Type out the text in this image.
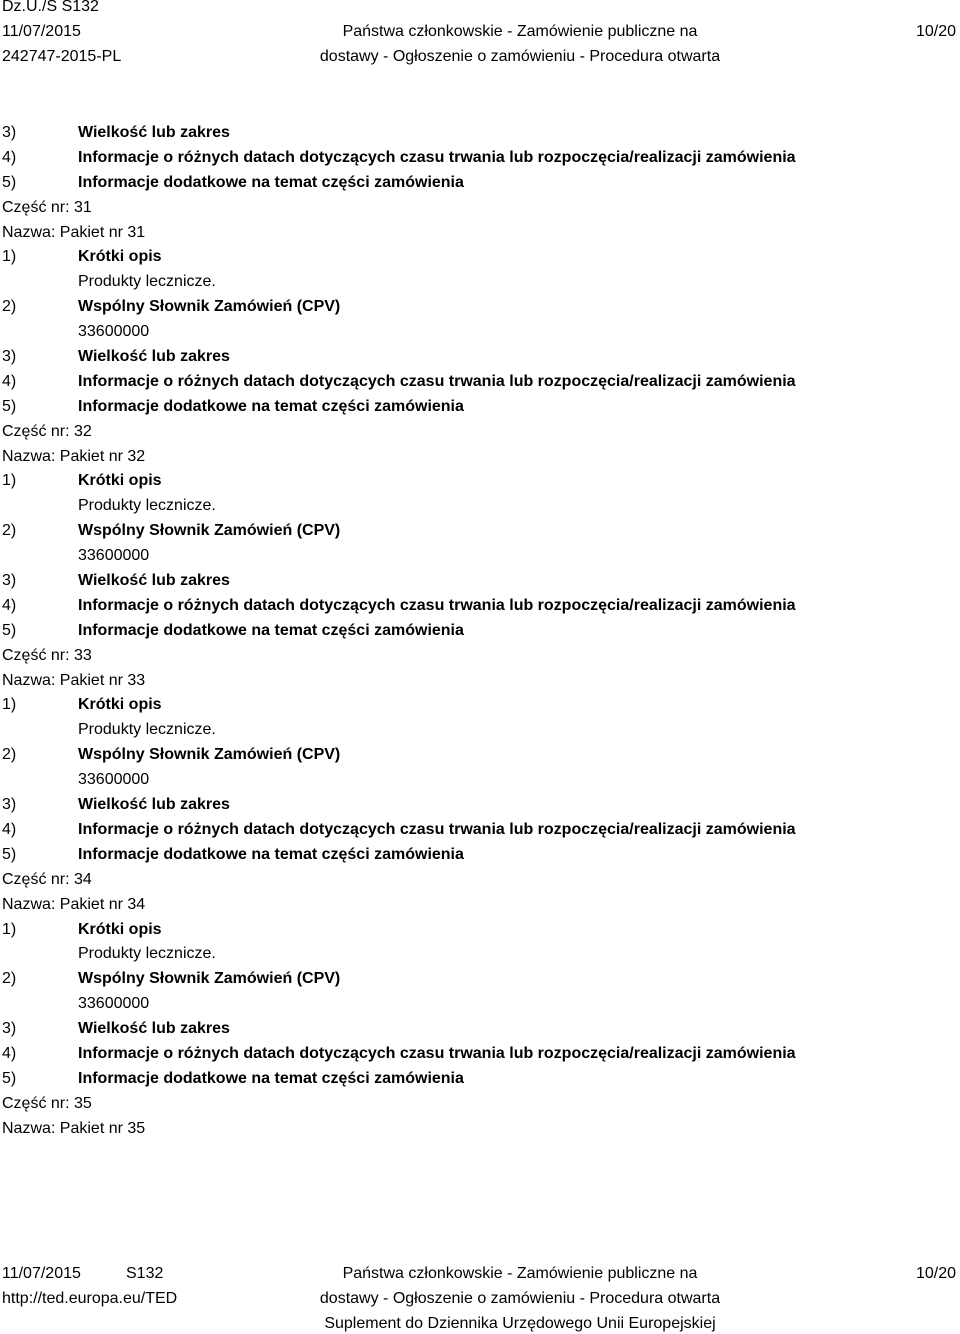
Dz.U./S S132
11/07/2015
242747-2015-PL
Państwa członkowskie - Zamówienie publiczne na
dostawy - Ogłoszenie o zamówieniu - Procedura otwarta
10/20
3)	Wielkość lub zakres
4)	Informacje o różnych datach dotyczących czasu trwania lub rozpoczęcia/realizacji zamówienia
5)	Informacje dodatkowe na temat części zamówienia
Część nr: 31
Nazwa: Pakiet nr 31
1)	Krótki opis
Produkty lecznicze.
2)	Wspólny Słownik Zamówień (CPV)
33600000
3)	Wielkość lub zakres
4)	Informacje o różnych datach dotyczących czasu trwania lub rozpoczęcia/realizacji zamówienia
5)	Informacje dodatkowe na temat części zamówienia
Część nr: 32
Nazwa: Pakiet nr 32
1)	Krótki opis
Produkty lecznicze.
2)	Wspólny Słownik Zamówień (CPV)
33600000
3)	Wielkość lub zakres
4)	Informacje o różnych datach dotyczących czasu trwania lub rozpoczęcia/realizacji zamówienia
5)	Informacje dodatkowe na temat części zamówienia
Część nr: 33
Nazwa: Pakiet nr 33
1)	Krótki opis
Produkty lecznicze.
2)	Wspólny Słownik Zamówień (CPV)
33600000
3)	Wielkość lub zakres
4)	Informacje o różnych datach dotyczących czasu trwania lub rozpoczęcia/realizacji zamówienia
5)	Informacje dodatkowe na temat części zamówienia
Część nr: 34
Nazwa: Pakiet nr 34
1)	Krótki opis
Produkty lecznicze.
2)	Wspólny Słownik Zamówień (CPV)
33600000
3)	Wielkość lub zakres
4)	Informacje o różnych datach dotyczących czasu trwania lub rozpoczęcia/realizacji zamówienia
5)	Informacje dodatkowe na temat części zamówienia
Część nr: 35
Nazwa: Pakiet nr 35
11/07/2015	S132
http://ted.europa.eu/TED
Państwa członkowskie - Zamówienie publiczne na
dostawy - Ogłoszenie o zamówieniu - Procedura otwarta
Suplement do Dziennika Urzędowego Unii Europejskiej
10/20
